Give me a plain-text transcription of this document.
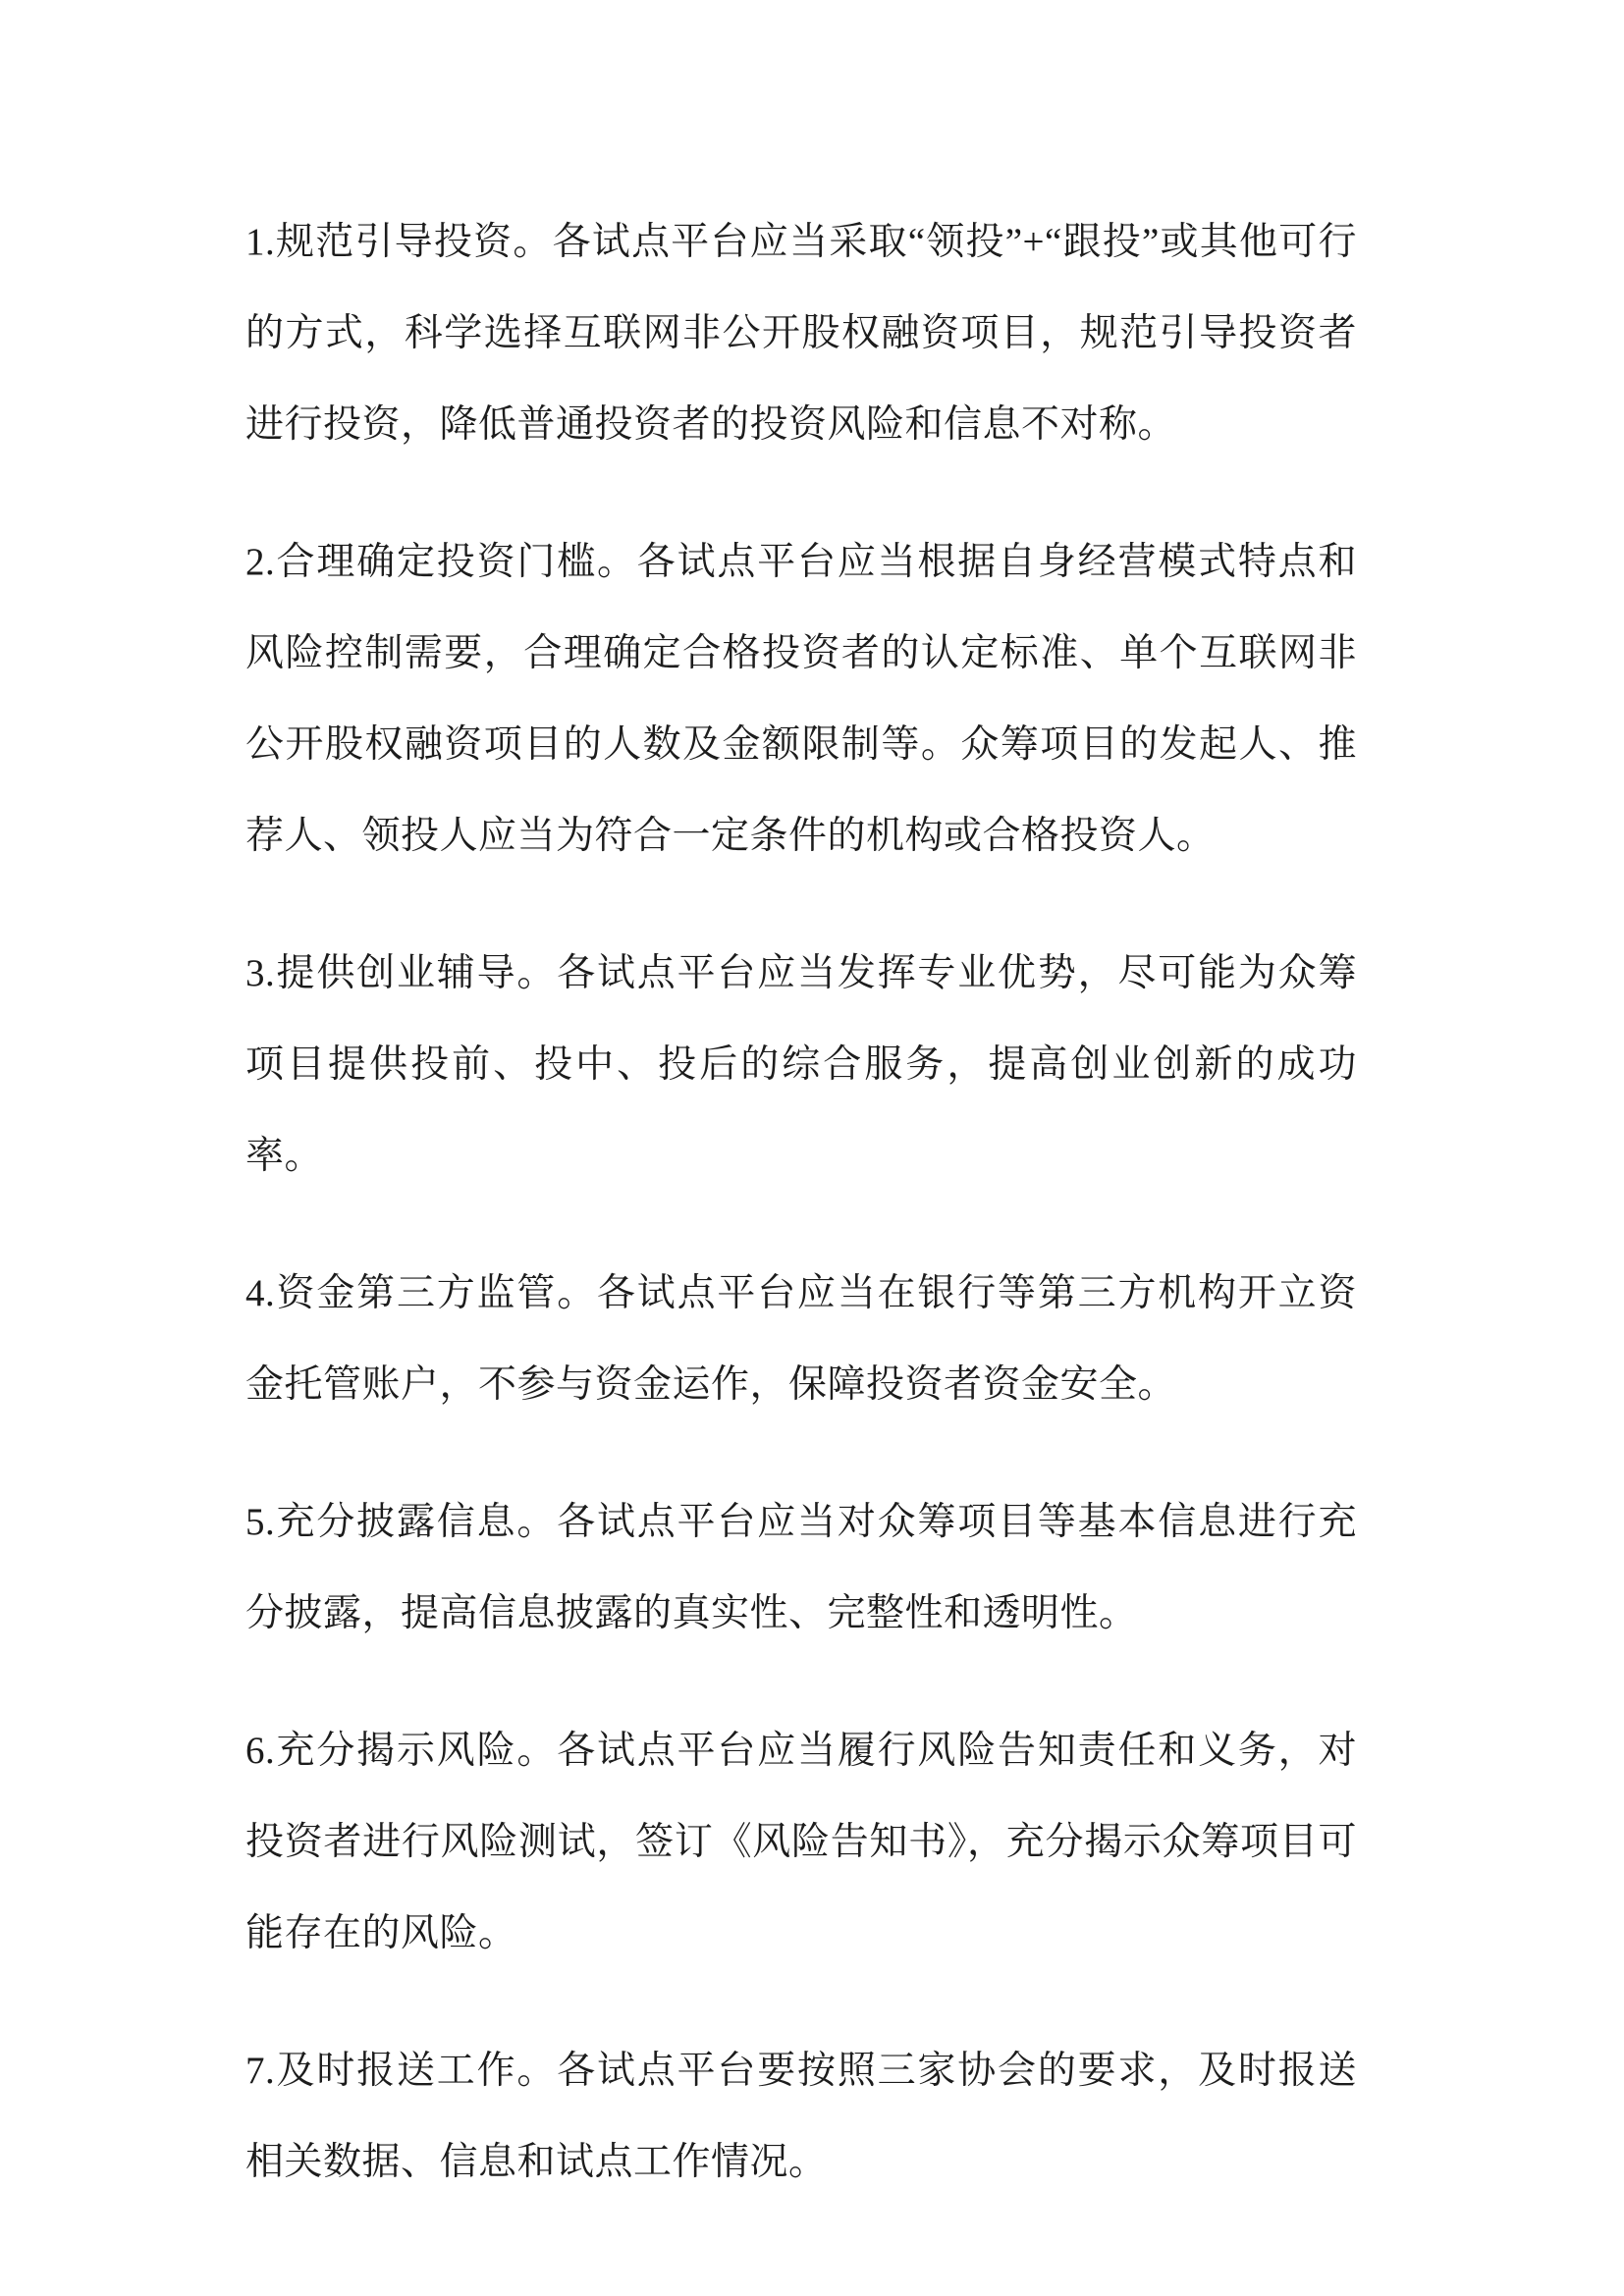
1.规范引导投资。各试点平台应当采取“领投”+“跟投”或其他可行的方式，科学选择互联网非公开股权融资项目，规范引导投资者进行投资，降低普通投资者的投资风险和信息不对称。

2.合理确定投资门槛。各试点平台应当根据自身经营模式特点和风险控制需要，合理确定合格投资者的认定标准、单个互联网非公开股权融资项目的人数及金额限制等。众筹项目的发起人、推荐人、领投人应当为符合一定条件的机构或合格投资人。

3.提供创业辅导。各试点平台应当发挥专业优势，尽可能为众筹项目提供投前、投中、投后的综合服务，提高创业创新的成功率。

4.资金第三方监管。各试点平台应当在银行等第三方机构开立资金托管账户，不参与资金运作，保障投资者资金安全。

5.充分披露信息。各试点平台应当对众筹项目等基本信息进行充分披露，提高信息披露的真实性、完整性和透明性。

6.充分揭示风险。各试点平台应当履行风险告知责任和义务，对投资者进行风险测试，签订《风险告知书》，充分揭示众筹项目可能存在的风险。

7.及时报送工作。各试点平台要按照三家协会的要求，及时报送相关数据、信息和试点工作情况。
